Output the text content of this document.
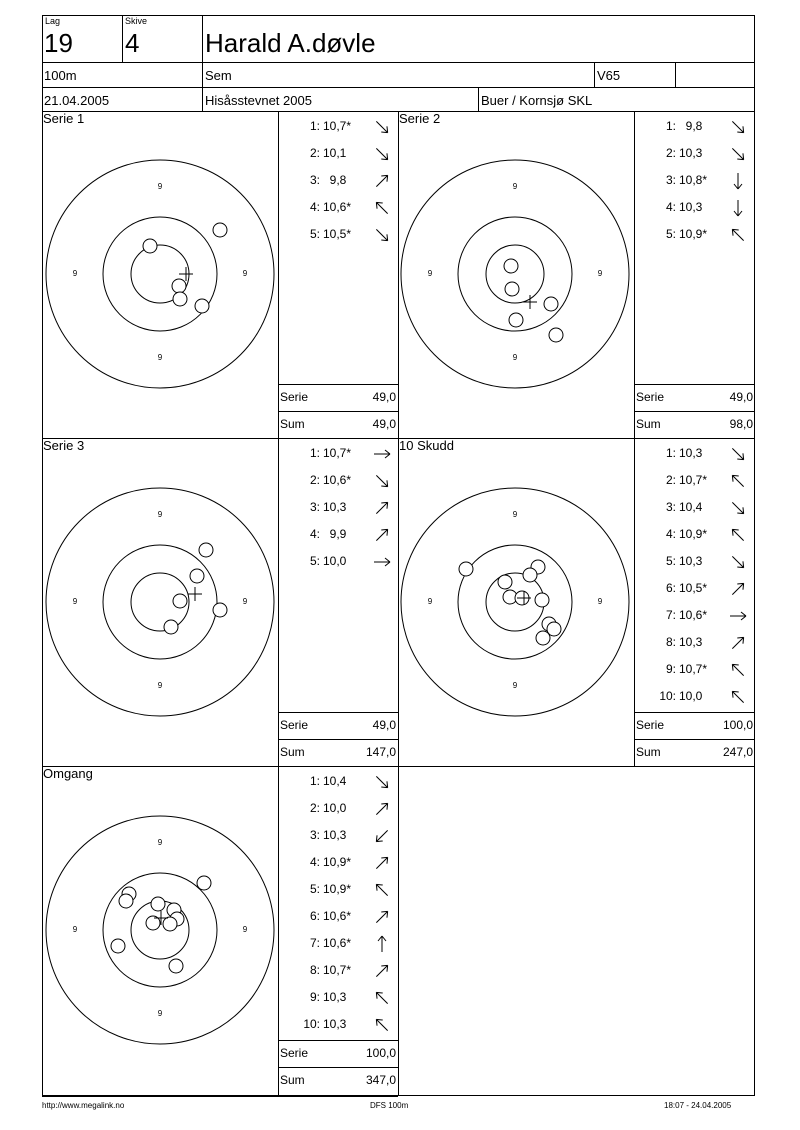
Lag
19
Skive
4	Harald A.døvle
100m	Sem	V65
21.04.2005	Hisåsstevnet 2005	Buer / Kornsjø SKL
Serie 1
9
9	9
9
1: 10,7*
2: 10,1
3: 9,8
4: 10,6*
5: 10,5*
Serie	49,0
Sum	49,0
Serie 2
9
9	9
9
1: 9,8
2: 10,3
3: 10,8*
4: 10,3
5: 10,9*
Serie	49,0
Sum	98,0
Serie 3
9
9	9
9
1: 10,7*
2: 10,6*
3: 10,3
4: 9,9
5: 10,0
Serie	49,0
Sum	147,0
10 Skudd
9
9	9
9
1: 10,3
2: 10,7*
3: 10,4
4: 10,9*
5: 10,3
6: 10,5*
7: 10,6*
8: 10,3
9: 10,7*
10: 10,0
Serie	100,0
Sum	247,0
Omgang
9
9	9
9
1: 10,4
2: 10,0
3: 10,3
4: 10,9*
5: 10,9*
6: 10,6*
7: 10,6*
8: 10,7*
9: 10,3
10: 10,3
Serie	100,0
Sum	347,0
http://www.megalink.no	DFS 100m	18:07 - 24.04.2005
